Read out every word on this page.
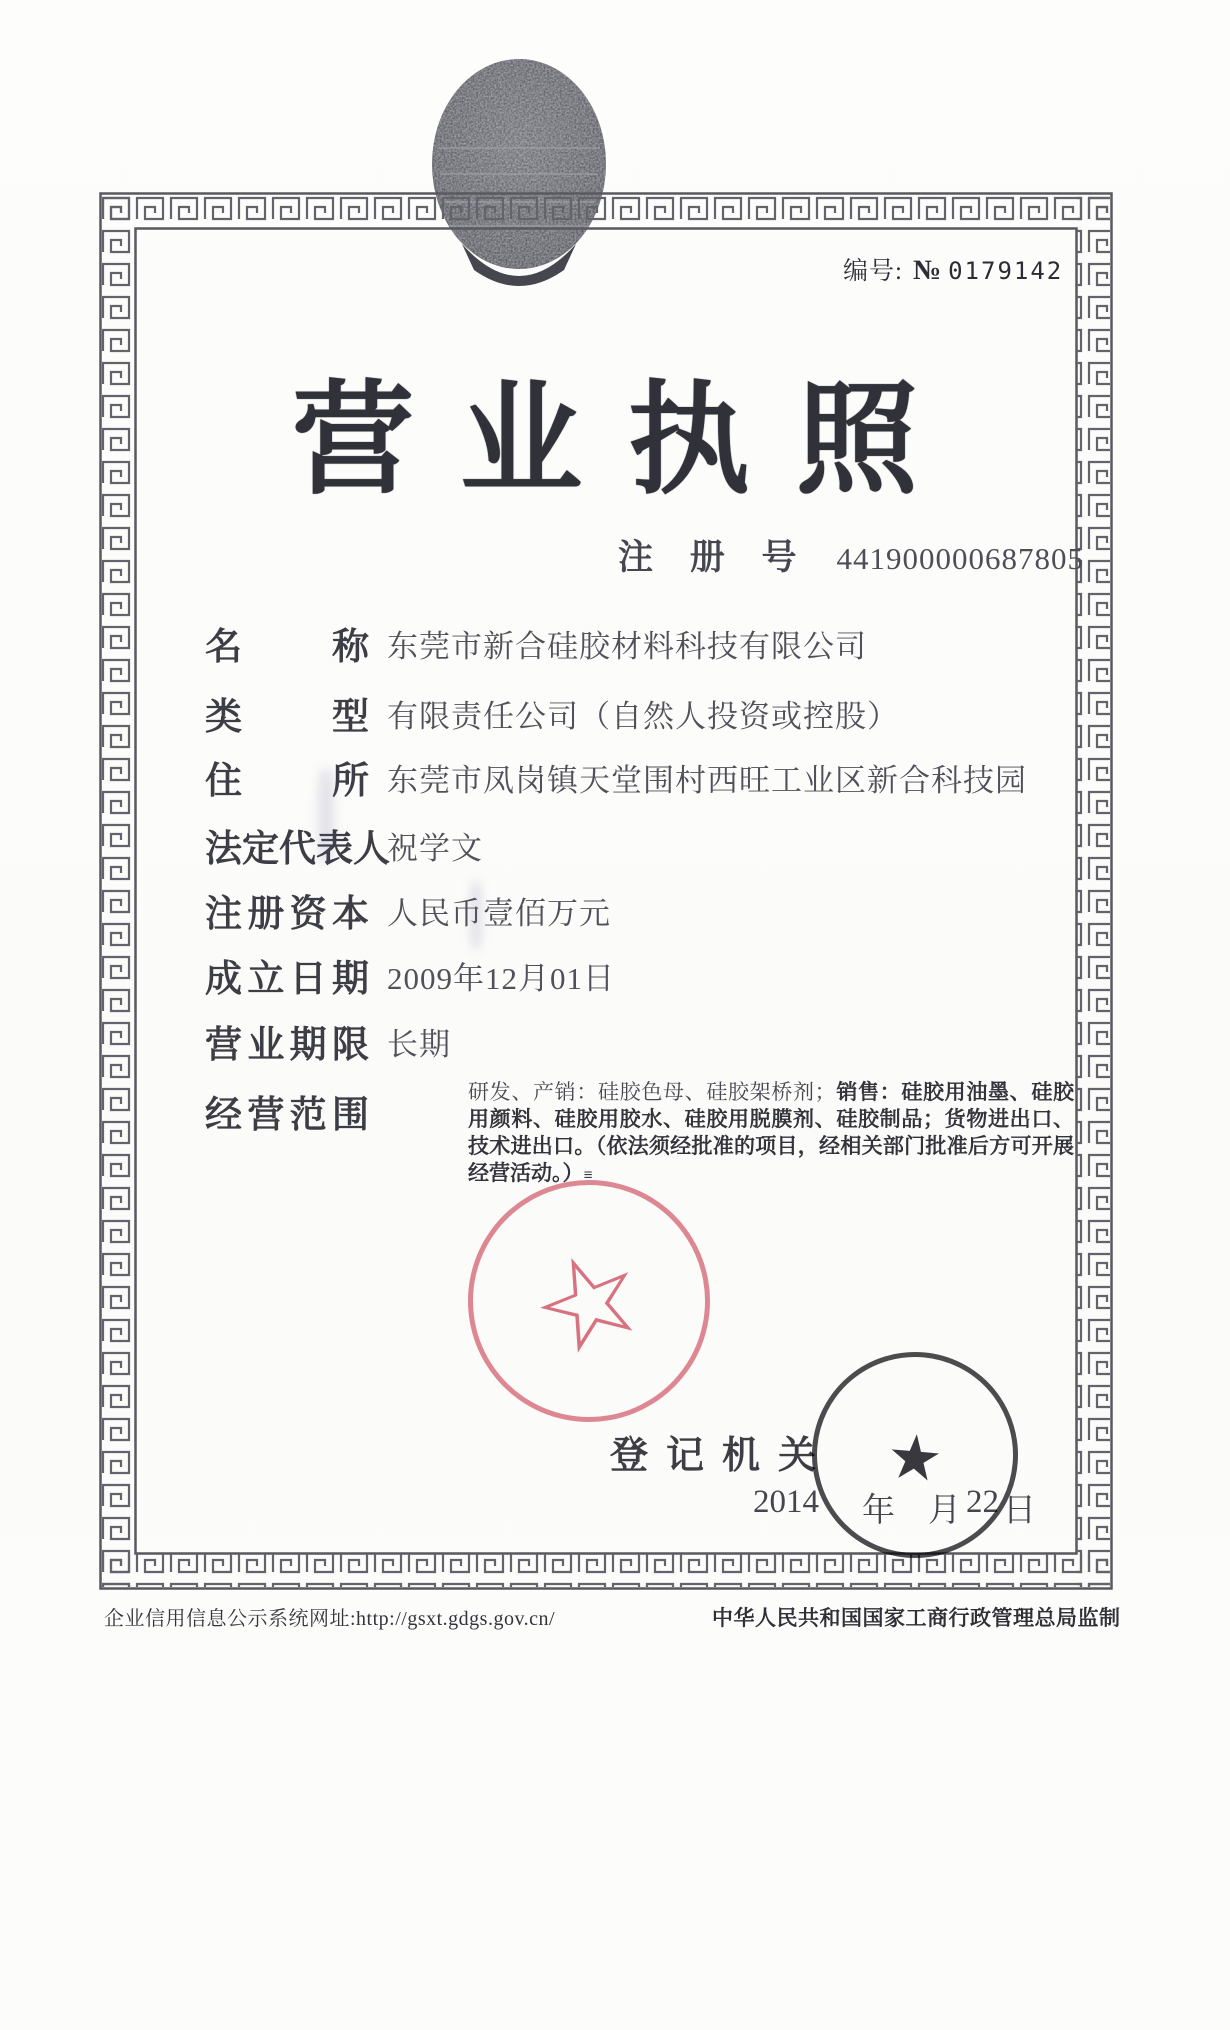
编号: № 0179142
营业执照
注 册 号 441900000687805
名称 东莞市新合硅胶材料科技有限公司
类型 有限责任公司（自然人投资或控股）
住所 东莞市凤岗镇天堂围村西旺工业区新合科技园
法定代表人 祝学文
注册资本 人民币壹佰万元
成立日期 2009年12月01日
营业期限 长期
经营范围
研发、产销：硅胶色母、硅胶架桥剂；销售：硅胶用油墨、硅胶用颜料、硅胶用胶水、硅胶用脱膜剂、硅胶制品；货物进出口、技术进出口。（依法须经批准的项目，经相关部门批准后方可开展经营活动。）≡
☆
登记机关
2014 年 月 22 日
★
企业信用信息公示系统网址:http://gsxt.gdgs.gov.cn/	中华人民共和国国家工商行政管理总局监制
